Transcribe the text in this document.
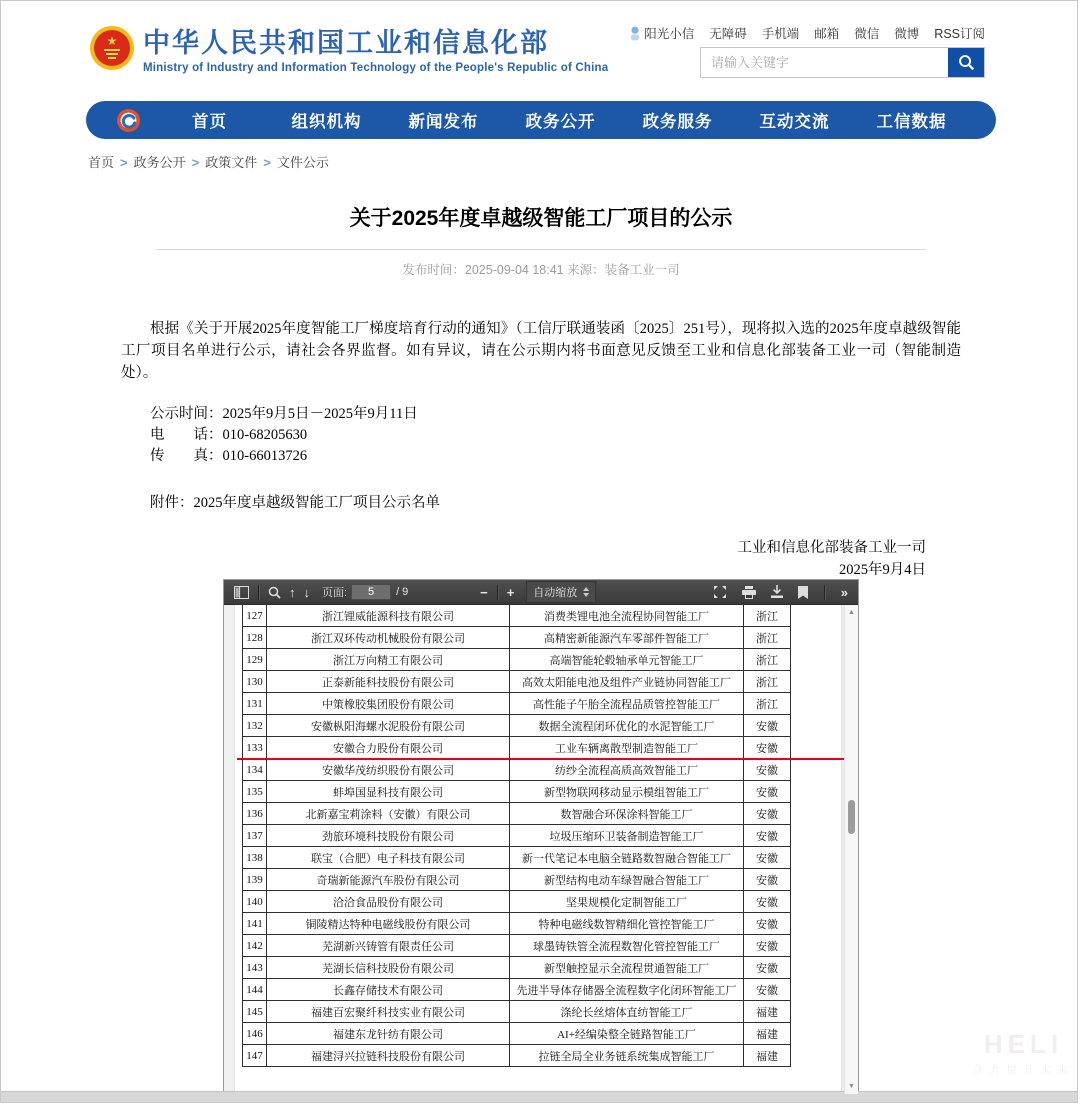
★ 中华人民共和国工业和信息化部
Ministry of Industry and Information Technology of the People's Republic of China
阳光小信 无障碍 手机端 邮箱 微信 微博 RSS订阅
请输入关键字
首页	组织机构	新闻发布	政务公开	政务服务	互动交流	工信数据
首页 > 政务公开 > 政策文件 > 文件公示
关于2025年度卓越级智能工厂项目的公示
发布时间：2025-09-04 18:41 来源：装备工业一司

根据《关于开展2025年度智能工厂梯度培育行动的通知》（工信厅联通装函〔2025〕251号），现将拟入选的2025年度卓越级智能工厂项目名单进行公示，请社会各界监督。如有异议，请在公示期内将书面意见反馈至工业和信息化部装备工业一司（智能制造处）。

公示时间：2025年9月5日－2025年9月11日
电　　话：010-68205630
传　　真：010-66013726
附件：2025年度卓越级智能工厂项目公示名单
工业和信息化部装备工业一司
2025年9月4日
↑ ↓	页面:
5	/ 9	−	+	自动缩放	»
127	浙江锂威能源科技有限公司	消费类锂电池全流程协同智能工厂	浙江
128	浙江双环传动机械股份有限公司	高精密新能源汽车零部件智能工厂	浙江
129	浙江万向精工有限公司	高端智能轮毂轴承单元智能工厂	浙江
130	正泰新能科技股份有限公司	高效太阳能电池及组件产业链协同智能工厂	浙江
131	中策橡胶集团股份有限公司	高性能子午胎全流程品质管控智能工厂	浙江
132	安徽枞阳海螺水泥股份有限公司	数据全流程闭环优化的水泥智能工厂	安徽
133	安徽合力股份有限公司	工业车辆离散型制造智能工厂	安徽
134	安徽华茂纺织股份有限公司	纺纱全流程高质高效智能工厂	安徽
135	蚌埠国显科技有限公司	新型物联网移动显示模组智能工厂	安徽
136	北新嘉宝莉涂料（安徽）有限公司	数智融合环保涂料智能工厂	安徽
137	劲旅环境科技股份有限公司	垃圾压缩环卫装备制造智能工厂	安徽
138	联宝（合肥）电子科技有限公司	新一代笔记本电脑全链路数智融合智能工厂	安徽
139	奇瑞新能源汽车股份有限公司	新型结构电动车绿智融合智能工厂	安徽
140	洽洽食品股份有限公司	坚果规模化定制智能工厂	安徽
141	铜陵精达特种电磁线股份有限公司	特种电磁线数智精细化管控智能工厂	安徽
142	芜湖新兴铸管有限责任公司	球墨铸铁管全流程数智化管控智能工厂	安徽
143	芜湖长信科技股份有限公司	新型触控显示全流程贯通智能工厂	安徽
144	长鑫存储技术有限公司	先进半导体存储器全流程数字化闭环智能工厂	安徽
145	福建百宏聚纤科技实业有限公司	涤纶长丝熔体直纺智能工厂	福建
146	福建东龙针纺有限公司	AI+经编染整全链路智能工厂	福建
147	福建浔兴拉链科技股份有限公司	拉链全局全业务链系统集成智能工厂	福建
▲
▼
HELI
合力提升未来
